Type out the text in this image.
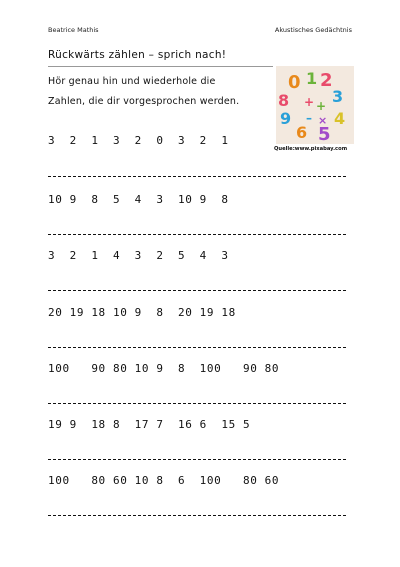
Beatrice Mathis	Akustisches Gedächtnis
Rückwärts zählen – sprich nach!
Hör genau hin und wiederhole die
Zahlen, die dir vorgesprochen werden.
0 1 2
3
4
5
6
9
8 + +
– ×
Quelle:www.pixabay.com
3  2  1  3  2  0  3  2  1
10 9  8  5  4  3  10 9  8
3  2  1  4  3  2  5  4  3
20 19 18 10 9  8  20 19 18
100   90 80 10 9  8  100   90 80
19 9  18 8  17 7  16 6  15 5
100   80 60 10 8  6  100   80 60
